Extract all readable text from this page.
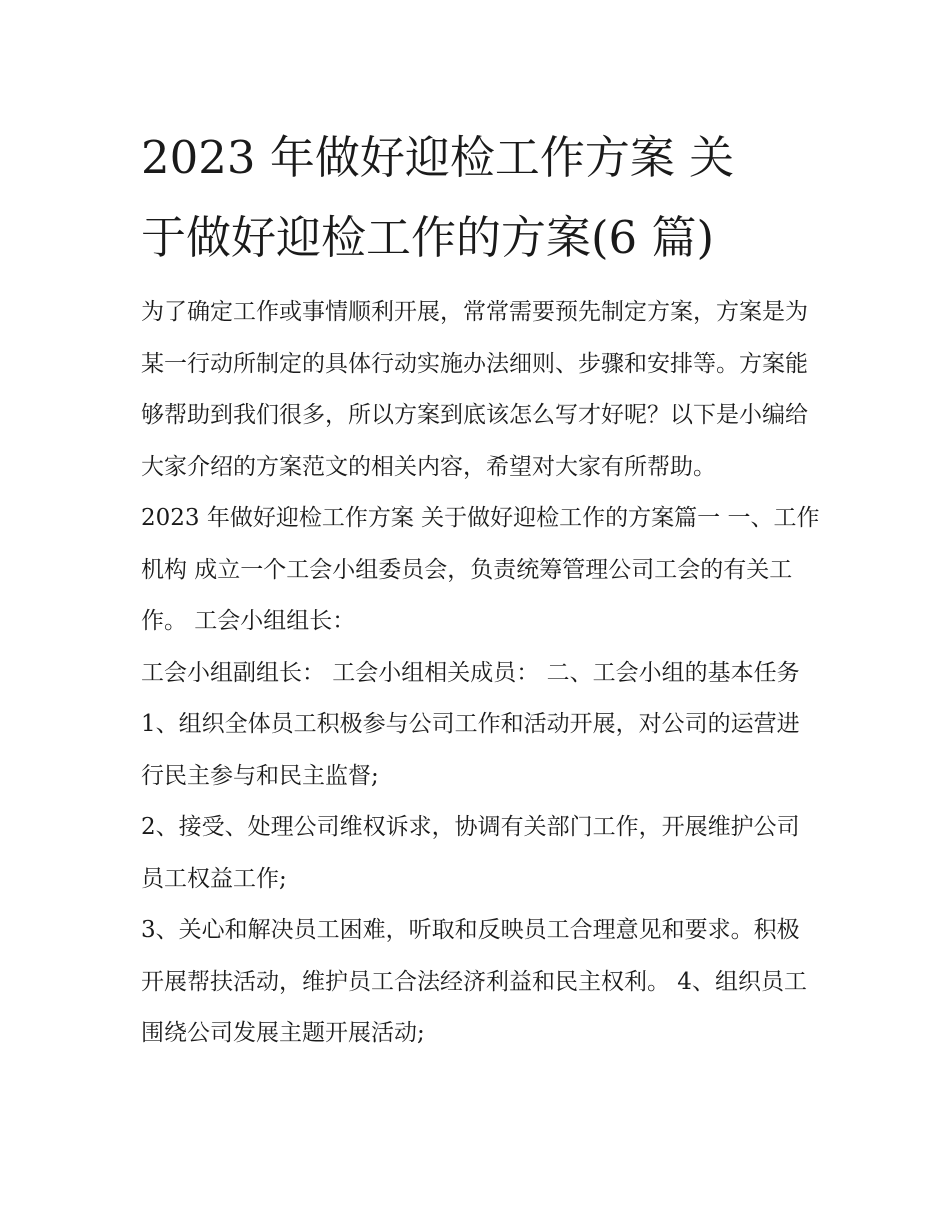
2023 年做好迎检工作方案 关
于做好迎检工作的方案(6 篇)

为了确定工作或事情顺利开展，常常需要预先制定方案，方案是为某一行动所制定的具体行动实施办法细则、步骤和安排等。方案能够帮助到我们很多，所以方案到底该怎么写才好呢？以下是小编给大家介绍的方案范文的相关内容，希望对大家有所帮助。

2023 年做好迎检工作方案 关于做好迎检工作的方案篇一 一、工作机构 成立一个工会小组委员会，负责统筹管理公司工会的有关工作。 工会小组组长：

工会小组副组长： 工会小组相关成员： 二、工会小组的基本任务 1、组织全体员工积极参与公司工作和活动开展，对公司的运营进行民主参与和民主监督;

2、接受、处理公司维权诉求，协调有关部门工作，开展维护公司员工权益工作;

3、关心和解决员工困难，听取和反映员工合理意见和要求。积极开展帮扶活动，维护员工合法经济利益和民主权利。 4、组织员工围绕公司发展主题开展活动;
